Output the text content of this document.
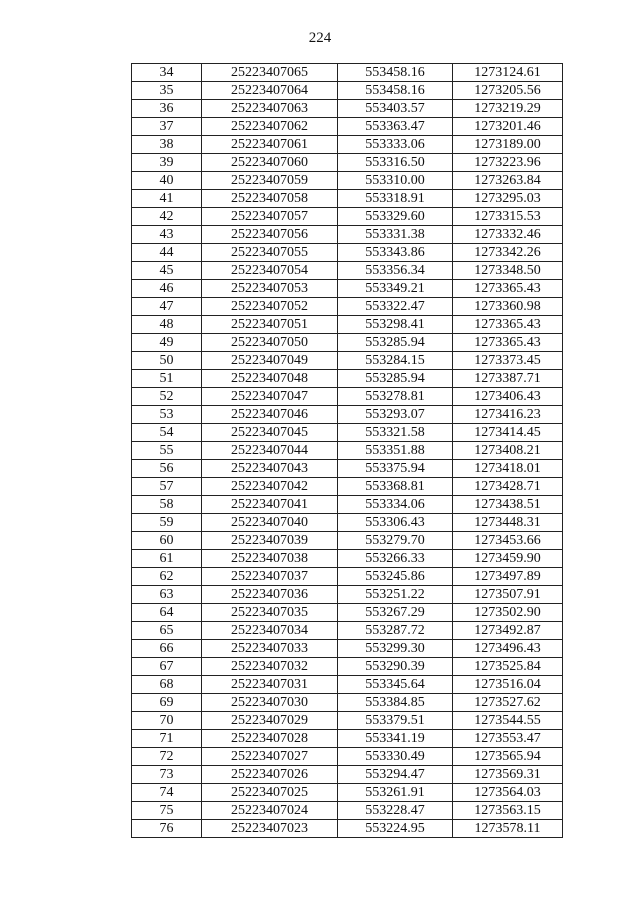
224
34	25223407065	553458.16	1273124.61
35	25223407064	553458.16	1273205.56
36	25223407063	553403.57	1273219.29
37	25223407062	553363.47	1273201.46
38	25223407061	553333.06	1273189.00
39	25223407060	553316.50	1273223.96
40	25223407059	553310.00	1273263.84
41	25223407058	553318.91	1273295.03
42	25223407057	553329.60	1273315.53
43	25223407056	553331.38	1273332.46
44	25223407055	553343.86	1273342.26
45	25223407054	553356.34	1273348.50
46	25223407053	553349.21	1273365.43
47	25223407052	553322.47	1273360.98
48	25223407051	553298.41	1273365.43
49	25223407050	553285.94	1273365.43
50	25223407049	553284.15	1273373.45
51	25223407048	553285.94	1273387.71
52	25223407047	553278.81	1273406.43
53	25223407046	553293.07	1273416.23
54	25223407045	553321.58	1273414.45
55	25223407044	553351.88	1273408.21
56	25223407043	553375.94	1273418.01
57	25223407042	553368.81	1273428.71
58	25223407041	553334.06	1273438.51
59	25223407040	553306.43	1273448.31
60	25223407039	553279.70	1273453.66
61	25223407038	553266.33	1273459.90
62	25223407037	553245.86	1273497.89
63	25223407036	553251.22	1273507.91
64	25223407035	553267.29	1273502.90
65	25223407034	553287.72	1273492.87
66	25223407033	553299.30	1273496.43
67	25223407032	553290.39	1273525.84
68	25223407031	553345.64	1273516.04
69	25223407030	553384.85	1273527.62
70	25223407029	553379.51	1273544.55
71	25223407028	553341.19	1273553.47
72	25223407027	553330.49	1273565.94
73	25223407026	553294.47	1273569.31
74	25223407025	553261.91	1273564.03
75	25223407024	553228.47	1273563.15
76	25223407023	553224.95	1273578.11
